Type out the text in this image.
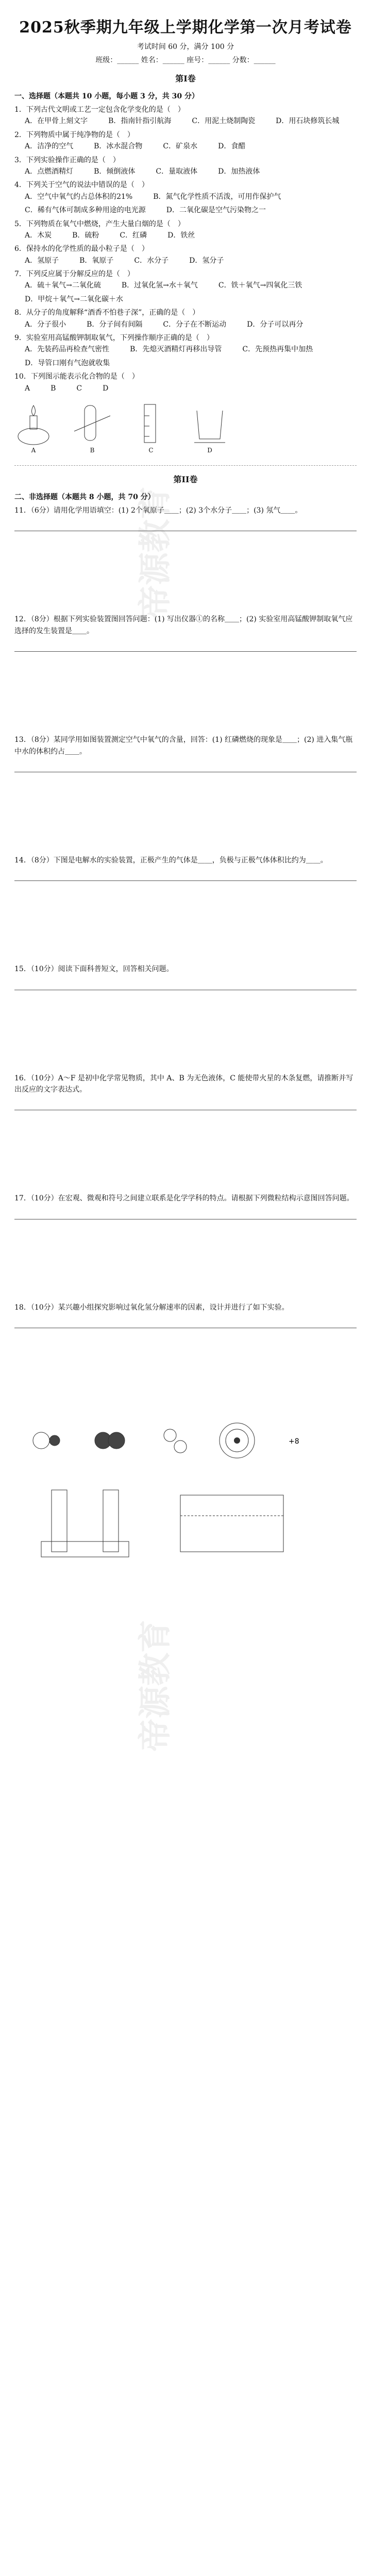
2025秋季期九年级上学期化学第一次月考试卷
考试时间 60 分，满分 100 分
班级：______ 姓名：______ 座号：______ 分数：______
第I卷
一、选择题（本题共 10 小题，每小题 3 分，共 30 分）
1．下列古代文明或工艺一定包含化学变化的是（　）
A．在甲骨上刻文字	B．指南针指引航海	C．用泥土烧制陶瓷	D．用石块修筑长城
2．下列物质中属于纯净物的是（　）
A．洁净的空气	B．冰水混合物	C．矿泉水	D．食醋
3．下列实验操作正确的是（　）
A．点燃酒精灯	B．倾倒液体	C．量取液体	D．加热液体
4．下列关于空气的说法中错误的是（　）
A．空气中氧气约占总体积的21%	B．氮气化学性质不活泼，可用作保护气
C．稀有气体可制成多种用途的电光源	D．二氧化碳是空气污染物之一
5．下列物质在氧气中燃烧，产生大量白烟的是（　）
A．木炭	B．硫粉	C．红磷	D．铁丝
6．保持水的化学性质的最小粒子是（　）
A．氢原子	B．氧原子	C．水分子	D．氢分子
7．下列反应属于分解反应的是（　）
A．硫＋氧气→二氧化硫	B．过氧化氢→水＋氧气	C．铁＋氧气→四氧化三铁
D．甲烷＋氧气→二氧化碳＋水
8．从分子的角度解释“酒香不怕巷子深”，正确的是（　）
A．分子很小	B．分子间有间隔	C．分子在不断运动	D．分子可以再分
9．实验室用高锰酸钾制取氧气，下列操作顺序正确的是（　）
A．先装药品再检查气密性	B．先熄灭酒精灯再移出导管	C．先预热再集中加热
D．导管口刚有气泡就收集
10．下列图示能表示化合物的是（　）
A	B	C	D
A	B	C	D
第II卷
二、非选择题（本题共 8 小题，共 70 分）
11．（6分）请用化学用语填空：(1) 2个氧原子＿＿；(2) 3个水分子＿＿；(3) 氖气＿＿。
12．（8分）根据下列实验装置图回答问题：(1) 写出仪器①的名称＿＿；(2) 实验室用高锰酸钾制取氧气应选择的发生装置是＿＿。
13．（8分）某同学用如图装置测定空气中氧气的含量，回答：(1) 红磷燃烧的现象是＿＿；(2) 进入集气瓶中水的体积约占＿＿。
14．（8分）下图是电解水的实验装置，正极产生的气体是＿＿，负极与正极气体体积比约为＿＿。
15．（10分）阅读下面科普短文，回答相关问题。
16．（10分）A～F 是初中化学常见物质，其中 A、B 为无色液体，C 能使带火星的木条复燃，请推断并写出反应的文字表达式。
17．（10分）在宏观、微观和符号之间建立联系是化学学科的特点。请根据下列微粒结构示意图回答问题。
18．（10分）某兴趣小组探究影响过氧化氢分解速率的因素，设计并进行了如下实验。
+8
帝源教育
帝源教育
